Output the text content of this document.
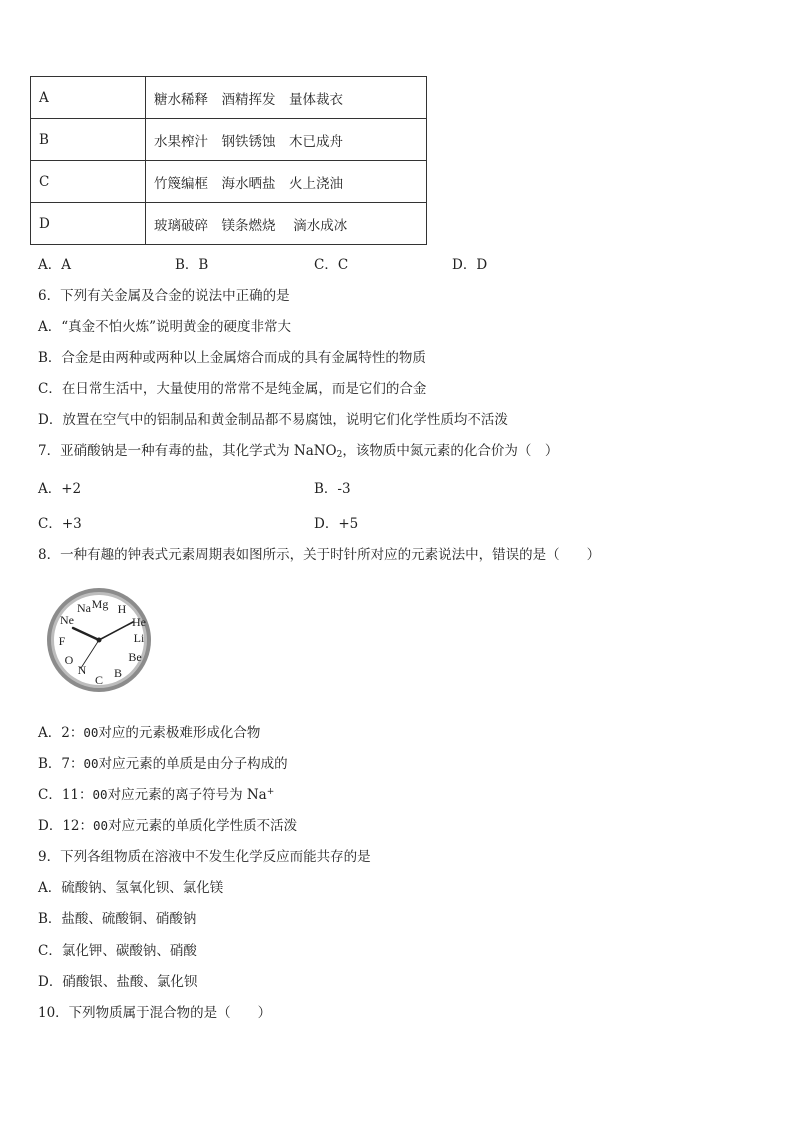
A	糖水稀释　酒精挥发　量体裁衣
B	水果榨汁　钢铁锈蚀　木已成舟
C	竹篾编框　海水晒盐　火上浇油
D	玻璃破碎　镁条燃烧　 滴水成冰
A．A	B．B	C．C	D．D
6．下列有关金属及合金的说法中正确的是
A．“真金不怕火炼”说明黄金的硬度非常大
B．合金是由两种或两种以上金属熔合而成的具有金属特性的物质
C．在日常生活中，大量使用的常常不是纯金属，而是它们的合金
D．放置在空气中的铝制品和黄金制品都不易腐蚀，说明它们化学性质均不活泼
7．亚硝酸钠是一种有毒的盐，其化学式为 NaNO$_2$，该物质中氮元素的化合价为（　）
A．+2	B．-3
C．+3	D．+5
8．一种有趣的钟表式元素周期表如图所示，关于时针所对应的元素说法中，错误的是（　　）
H
He
Li
Be
B
C
N
O
F
Ne
Na Mg
A．2：00对应的元素极难形成化合物
B．7：00对应元素的单质是由分子构成的
C．11：00对应元素的离子符号为 Na+
D．12：00对应元素的单质化学性质不活泼
9．下列各组物质在溶液中不发生化学反应而能共存的是
A．硫酸钠、氢氧化钡、氯化镁
B．盐酸、硫酸铜、硝酸钠
C．氯化钾、碳酸钠、硝酸
D．硝酸银、盐酸、氯化钡
10．下列物质属于混合物的是（　　）
